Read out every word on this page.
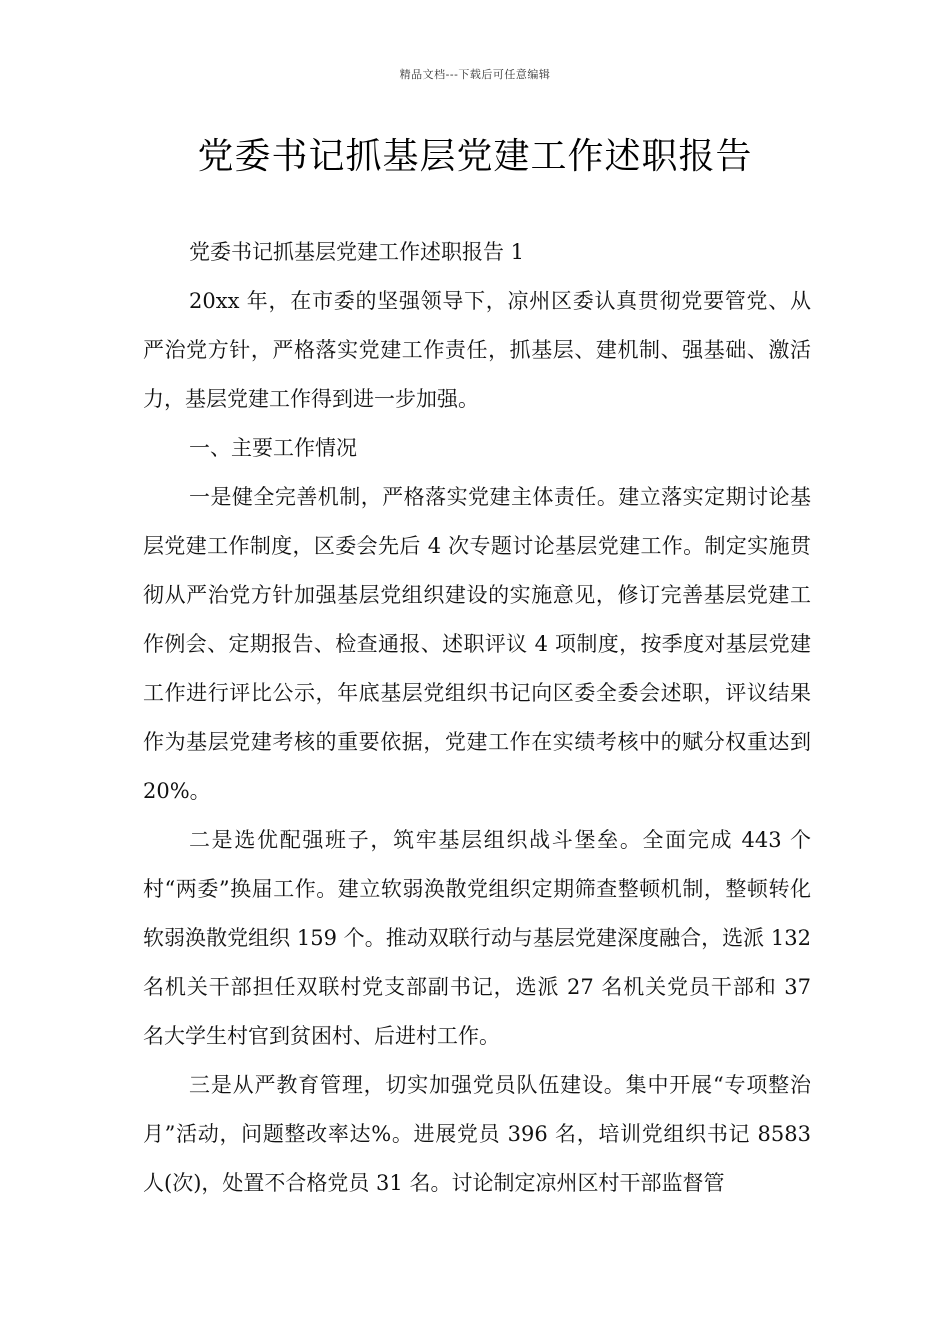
精品文档---下载后可任意编辑
党委书记抓基层党建工作述职报告

党委书记抓基层党建工作述职报告 1

20xx 年，在市委的坚强领导下，凉州区委认真贯彻党要管党、从严治党方针，严格落实党建工作责任，抓基层、建机制、强基础、激活力，基层党建工作得到进一步加强。

一、主要工作情况

一是健全完善机制，严格落实党建主体责任。建立落实定期讨论基层党建工作制度，区委会先后 4 次专题讨论基层党建工作。制定实施贯彻从严治党方针加强基层党组织建设的实施意见，修订完善基层党建工作例会、定期报告、检查通报、述职评议 4 项制度，按季度对基层党建工作进行评比公示，年底基层党组织书记向区委全委会述职，评议结果作为基层党建考核的重要依据，党建工作在实绩考核中的赋分权重达到 20%。

二是选优配强班子，筑牢基层组织战斗堡垒。全面完成 443 个村“两委”换届工作。建立软弱涣散党组织定期筛查整顿机制，整顿转化软弱涣散党组织 159 个。推动双联行动与基层党建深度融合，选派 132 名机关干部担任双联村党支部副书记，选派 27 名机关党员干部和 37 名大学生村官到贫困村、后进村工作。

三是从严教育管理，切实加强党员队伍建设。集中开展“专项整治月”活动，问题整改率达%。进展党员 396 名，培训党组织书记 8583 人(次)，处置不合格党员 31 名。讨论制定凉州区村干部监督管
